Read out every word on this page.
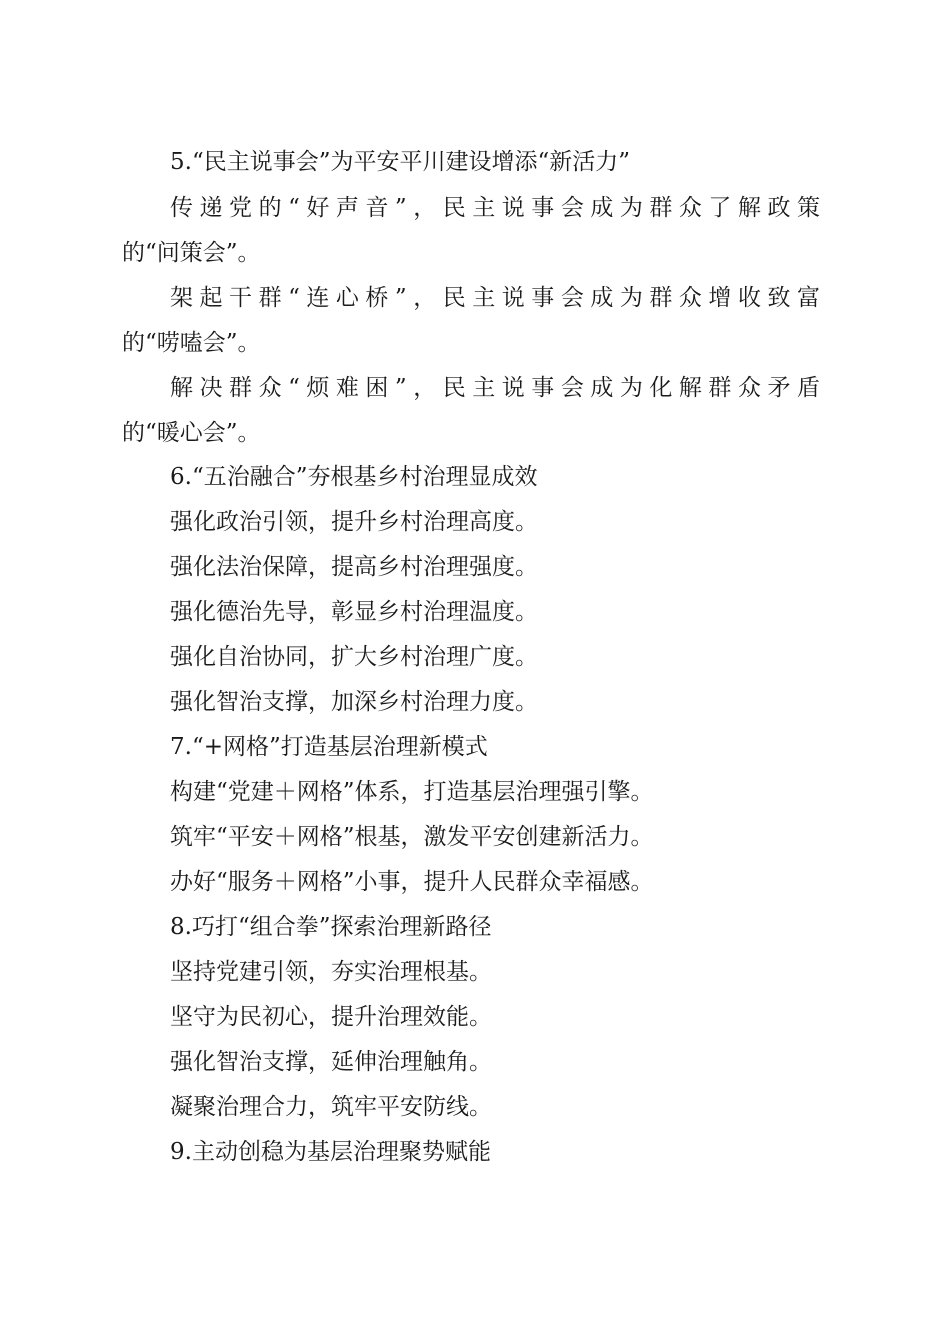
5.“民主说事会”为平安平川建设增添“新活力”
传递党的“好声音”，民主说事会成为群众了解政策
的“问策会”。
架起干群“连心桥”，民主说事会成为群众增收致富
的“唠嗑会”。
解决群众“烦难困”，民主说事会成为化解群众矛盾
的“暖心会”。
6.“五治融合”夯根基乡村治理显成效
强化政治引领，提升乡村治理高度。
强化法治保障，提高乡村治理强度。
强化德治先导，彰显乡村治理温度。
强化自治协同，扩大乡村治理广度。
强化智治支撑，加深乡村治理力度。
7.“+网格”打造基层治理新模式
构建“党建＋网格”体系，打造基层治理强引擎。
筑牢“平安＋网格”根基，激发平安创建新活力。
办好“服务＋网格”小事，提升人民群众幸福感。
8.巧打“组合拳”探索治理新路径
坚持党建引领，夯实治理根基。
坚守为民初心，提升治理效能。
强化智治支撑，延伸治理触角。
凝聚治理合力，筑牢平安防线。
9.主动创稳为基层治理聚势赋能
